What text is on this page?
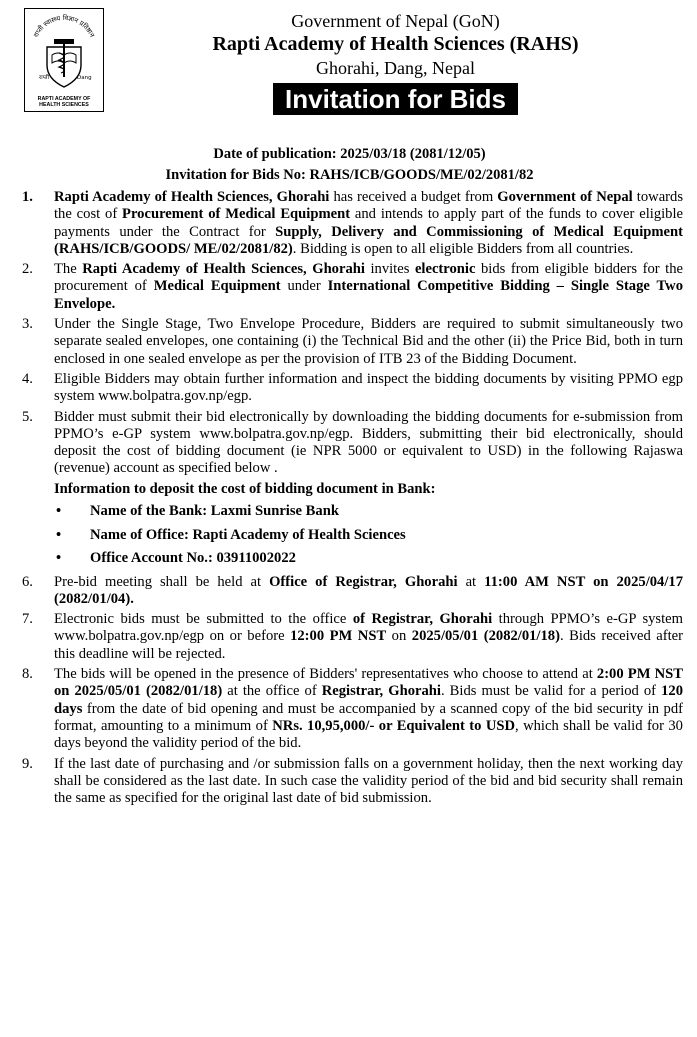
राप्ती स्वास्थ्य विज्ञान प्रतिष्ठान
राप्ती	Dang
RAPTI ACADEMY OF
HEALTH SCIENCES
Government of Nepal (GoN)
Rapti Academy of Health Sciences (RAHS)
Ghorahi, Dang, Nepal
Invitation for Bids
Date of publication: 2025/03/18 (2081/12/05)
Invitation for Bids No: RAHS/ICB/GOODS/ME/02/2081/82
1. Rapti Academy of Health Sciences, Ghorahi has received a budget from Government of Nepal towards the cost of Procurement of Medical Equipment and intends to apply part of the funds to cover eligible payments under the Contract for Supply, Delivery and Commissioning of Medical Equipment (RAHS/ICB/GOODS/ ME/02/2081/82). Bidding is open to all eligible Bidders from all countries.
2. The Rapti Academy of Health Sciences, Ghorahi invites electronic bids from eligible bidders for the procurement of Medical Equipment under International Competitive Bidding – Single Stage Two Envelope.
3. Under the Single Stage, Two Envelope Procedure, Bidders are required to submit simultaneously two separate sealed envelopes, one containing (i) the Technical Bid and the other (ii) the Price Bid, both in turn enclosed in one sealed envelope as per the provision of ITB 23 of the Bidding Document.
4. Eligible Bidders may obtain further information and inspect the bidding documents by visiting PPMO egp system www.bolpatra.gov.np/egp.
5. Bidder must submit their bid electronically by downloading the bidding documents for e-submission from PPMO’s e-GP system www.bolpatra.gov.np/egp. Bidders, submitting their bid electronically, should deposit the cost of bidding document (ie NPR 5000 or equivalent to USD) in the following Rajaswa (revenue) account as specified below .
Information to deposit the cost of bidding document in Bank:
• Name of the Bank: Laxmi Sunrise Bank
• Name of Office: Rapti Academy of Health Sciences
• Office Account No.: 03911002022
6. Pre-bid meeting shall be held at Office of Registrar, Ghorahi at 11:00 AM NST on 2025/04/17 (2082/01/04).
7. Electronic bids must be submitted to the office of Registrar, Ghorahi through PPMO’s e-GP system www.bolpatra.gov.np/egp on or before 12:00 PM NST on 2025/05/01 (2082/01/18). Bids received after this deadline will be rejected.
8. The bids will be opened in the presence of Bidders' representatives who choose to attend at 2:00 PM NST on 2025/05/01 (2082/01/18) at the office of Registrar, Ghorahi. Bids must be valid for a period of 120 days from the date of bid opening and must be accompanied by a scanned copy of the bid security in pdf format, amounting to a minimum of NRs. 10,95,000/- or Equivalent to USD, which shall be valid for 30 days beyond the validity period of the bid.
9. If the last date of purchasing and /or submission falls on a government holiday, then the next working day shall be considered as the last date. In such case the validity period of the bid and bid security shall remain the same as specified for the original last date of bid submission.
